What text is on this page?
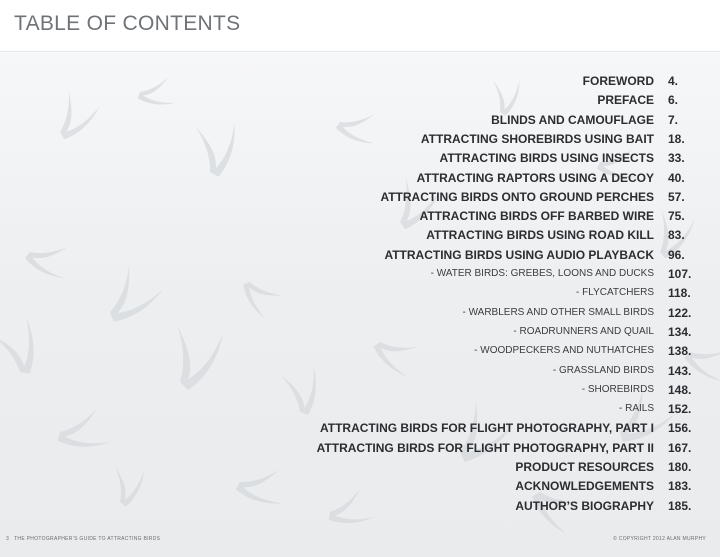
TABLE OF CONTENTS
FOREWORD 4.
PREFACE 6.
BLINDS AND CAMOUFLAGE 7.
ATTRACTING SHOREBIRDS USING BAIT 18.
ATTRACTING BIRDS USING INSECTS 33.
ATTRACTING RAPTORS USING A DECOY 40.
ATTRACTING BIRDS ONTO GROUND PERCHES 57.
ATTRACTING BIRDS OFF BARBED WIRE 75.
ATTRACTING BIRDS USING ROAD KILL 83.
ATTRACTING BIRDS USING AUDIO PLAYBACK 96.
- WATER BIRDS: GREBES, LOONS AND DUCKS 107.
- FLYCATCHERS 118.
- WARBLERS AND OTHER SMALL BIRDS 122.
- ROADRUNNERS AND QUAIL 134.
- WOODPECKERS AND NUTHATCHES 138.
- GRASSLAND BIRDS 143.
- SHOREBIRDS 148.
- RAILS 152.
ATTRACTING BIRDS FOR FLIGHT PHOTOGRAPHY, PART I 156.
ATTRACTING BIRDS FOR FLIGHT PHOTOGRAPHY, PART II 167.
PRODUCT RESOURCES 180.
ACKNOWLEDGEMENTS 183.
AUTHOR’S BIOGRAPHY 185.
3 THE PHOTOGRAPHER’S GUIDE TO ATTRACTING BIRDS	© COPYRIGHT 2012 ALAN MURPHY
